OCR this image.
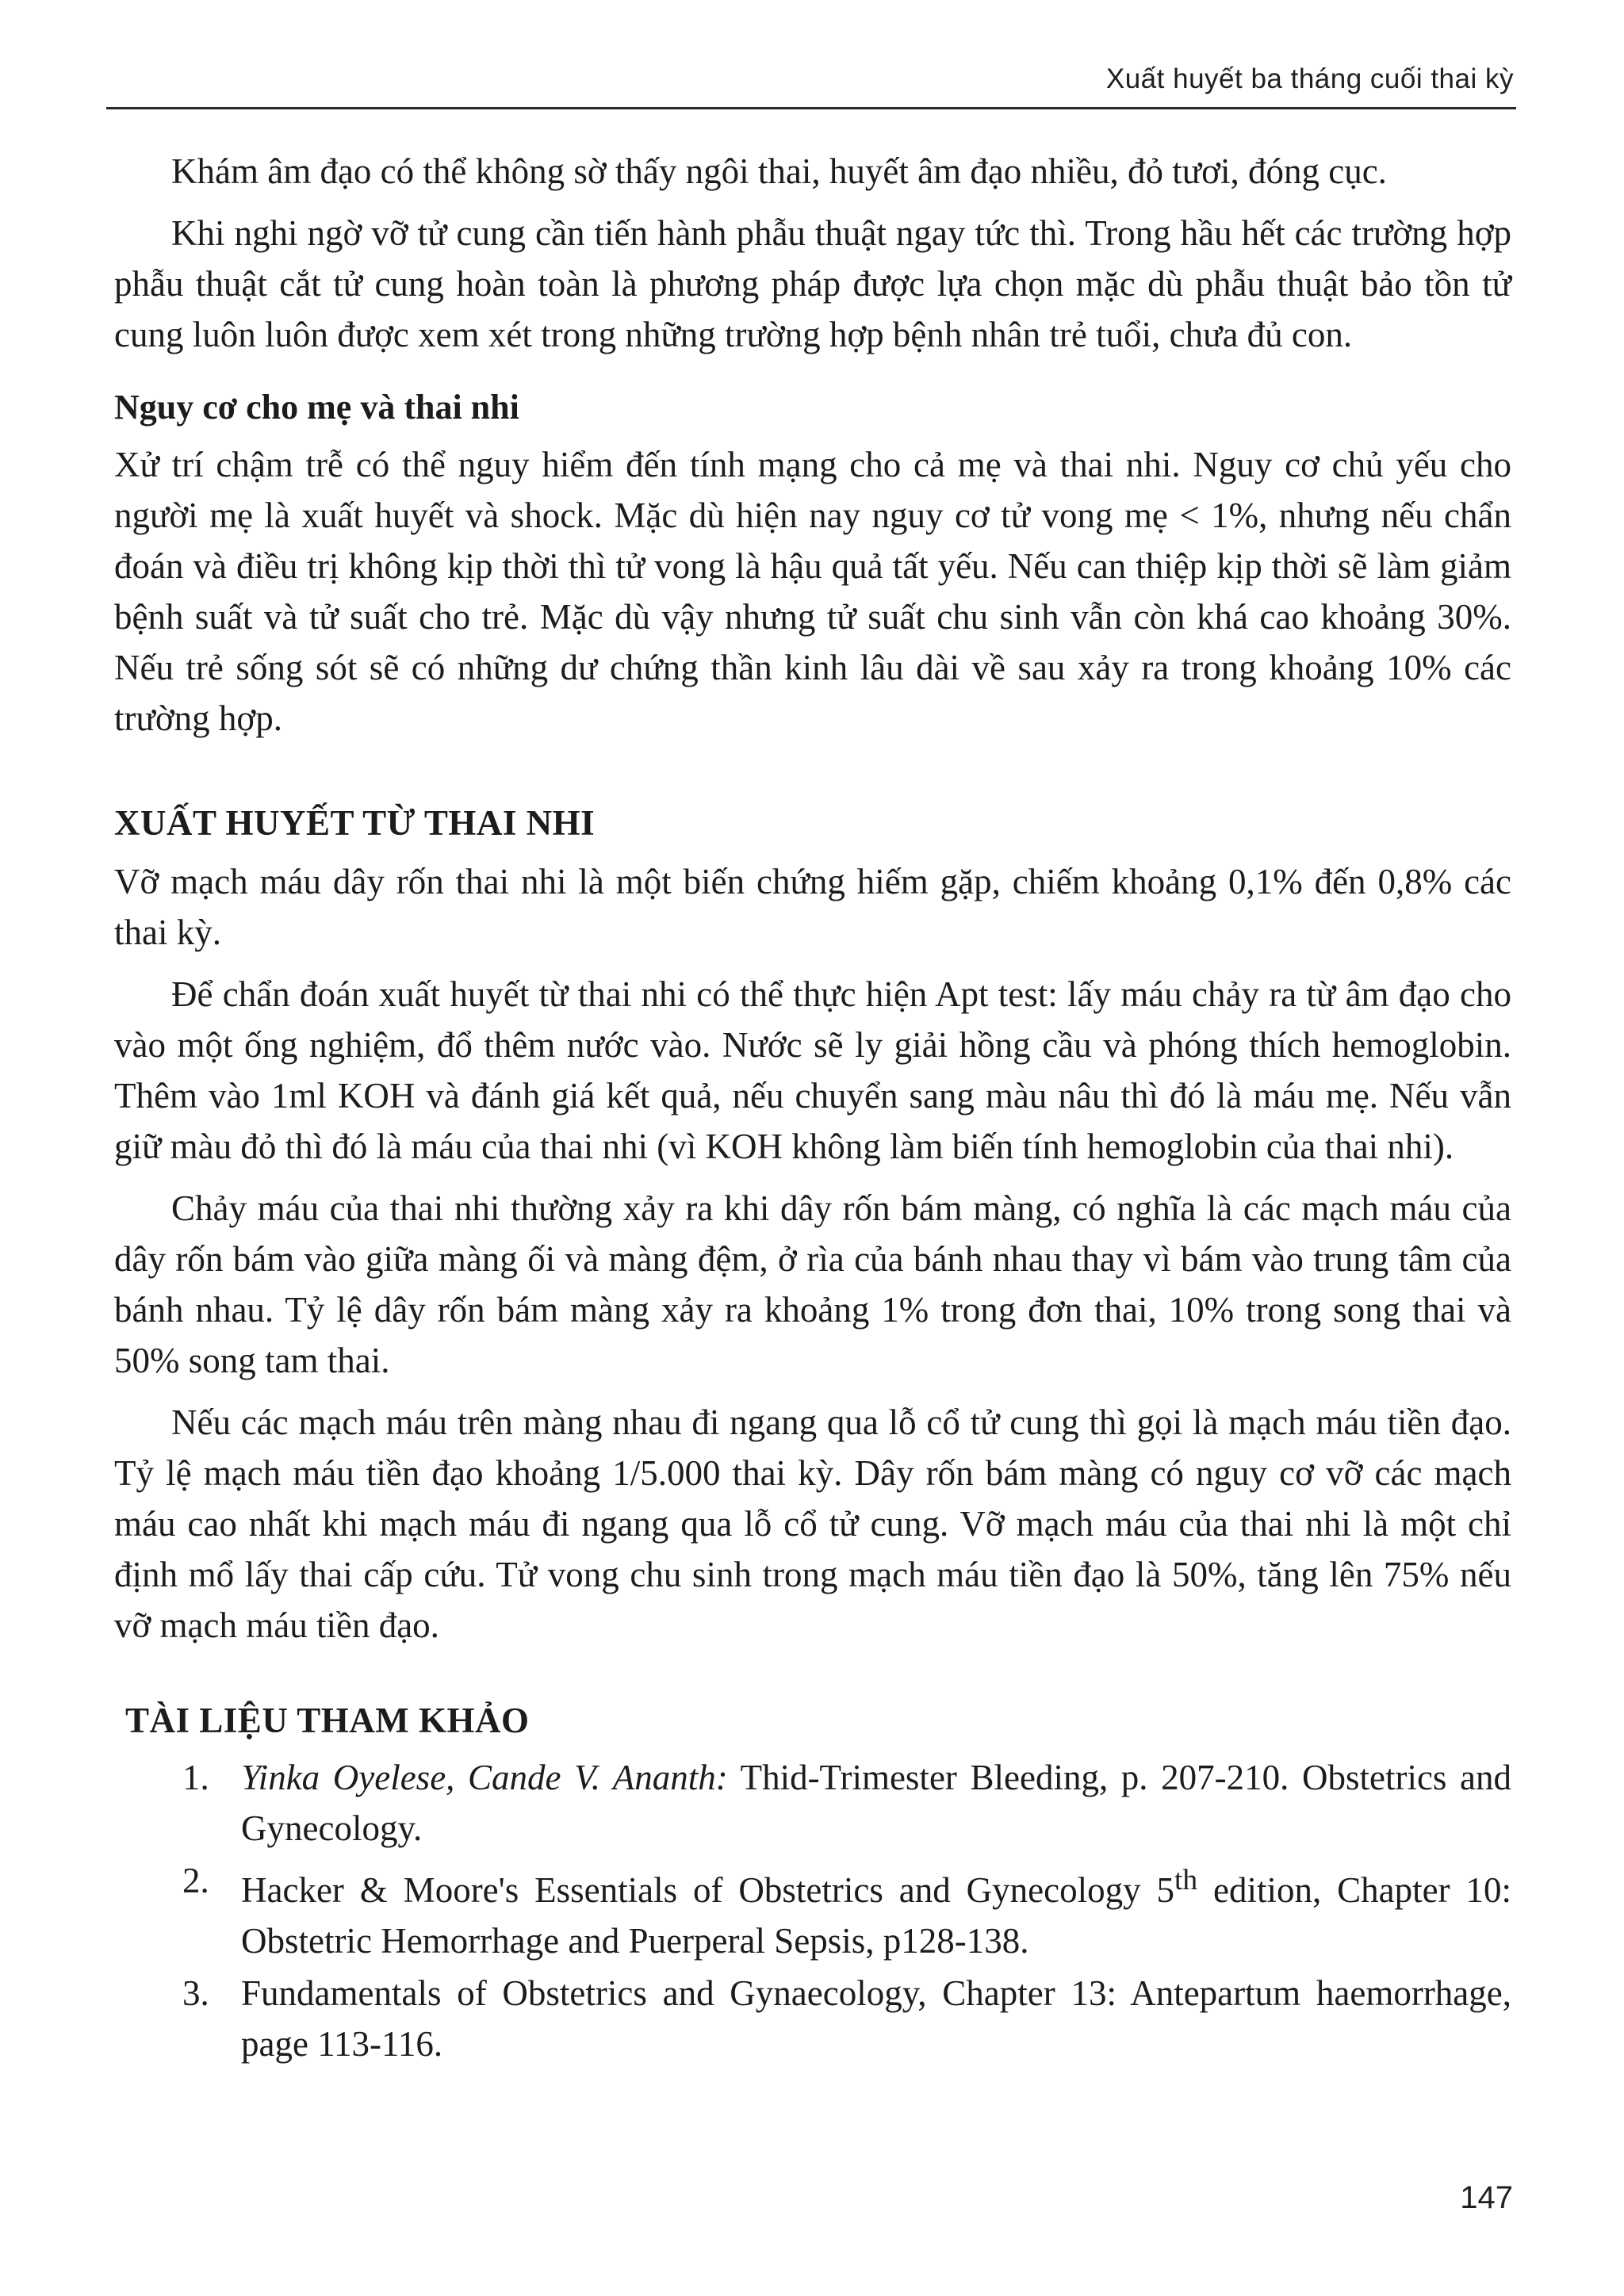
Xuất huyết ba tháng cuối thai kỳ

Khám âm đạo có thể không sờ thấy ngôi thai, huyết âm đạo nhiều, đỏ tươi, đóng cục.

Khi nghi ngờ vỡ tử cung cần tiến hành phẫu thuật ngay tức thì. Trong hầu hết các trường hợp phẫu thuật cắt tử cung hoàn toàn là phương pháp được lựa chọn mặc dù phẫu thuật bảo tồn tử cung luôn luôn được xem xét trong những trường hợp bệnh nhân trẻ tuổi, chưa đủ con.

Nguy cơ cho mẹ và thai nhi

Xử trí chậm trễ có thể nguy hiểm đến tính mạng cho cả mẹ và thai nhi. Nguy cơ chủ yếu cho người mẹ là xuất huyết và shock. Mặc dù hiện nay nguy cơ tử vong mẹ < 1%, nhưng nếu chẩn đoán và điều trị không kịp thời thì tử vong là hậu quả tất yếu. Nếu can thiệp kịp thời sẽ làm giảm bệnh suất và tử suất cho trẻ. Mặc dù vậy nhưng tử suất chu sinh vẫn còn khá cao khoảng 30%. Nếu trẻ sống sót sẽ có những dư chứng thần kinh lâu dài về sau xảy ra trong khoảng 10% các trường hợp.

XUẤT HUYẾT TỪ THAI NHI

Vỡ mạch máu dây rốn thai nhi là một biến chứng hiếm gặp, chiếm khoảng 0,1% đến 0,8% các thai kỳ.

Để chẩn đoán xuất huyết từ thai nhi có thể thực hiện Apt test: lấy máu chảy ra từ âm đạo cho vào một ống nghiệm, đổ thêm nước vào. Nước sẽ ly giải hồng cầu và phóng thích hemoglobin. Thêm vào 1ml KOH và đánh giá kết quả, nếu chuyển sang màu nâu thì đó là máu mẹ. Nếu vẫn giữ màu đỏ thì đó là máu của thai nhi (vì KOH không làm biến tính hemoglobin của thai nhi).

Chảy máu của thai nhi thường xảy ra khi dây rốn bám màng, có nghĩa là các mạch máu của dây rốn bám vào giữa màng ối và màng đệm, ở rìa của bánh nhau thay vì bám vào trung tâm của bánh nhau. Tỷ lệ dây rốn bám màng xảy ra khoảng 1% trong đơn thai, 10% trong song thai và 50% song tam thai.

Nếu các mạch máu trên màng nhau đi ngang qua lỗ cổ tử cung thì gọi là mạch máu tiền đạo. Tỷ lệ mạch máu tiền đạo khoảng 1/5.000 thai kỳ. Dây rốn bám màng có nguy cơ vỡ các mạch máu cao nhất khi mạch máu đi ngang qua lỗ cổ tử cung. Vỡ mạch máu của thai nhi là một chỉ định mổ lấy thai cấp cứu. Tử vong chu sinh trong mạch máu tiền đạo là 50%, tăng lên 75% nếu vỡ mạch máu tiền đạo.

TÀI LIỆU THAM KHẢO
1. Yinka Oyelese, Cande V. Ananth: Thid-Trimester Bleeding, p. 207-210. Obstetrics and Gynecology.
2. Hacker & Moore's Essentials of Obstetrics and Gynecology 5th edition, Chapter 10: Obstetric Hemorrhage and Puerperal Sepsis, p128-138.
3. Fundamentals of Obstetrics and Gynaecology, Chapter 13: Antepartum haemorrhage, page 113-116.
147
